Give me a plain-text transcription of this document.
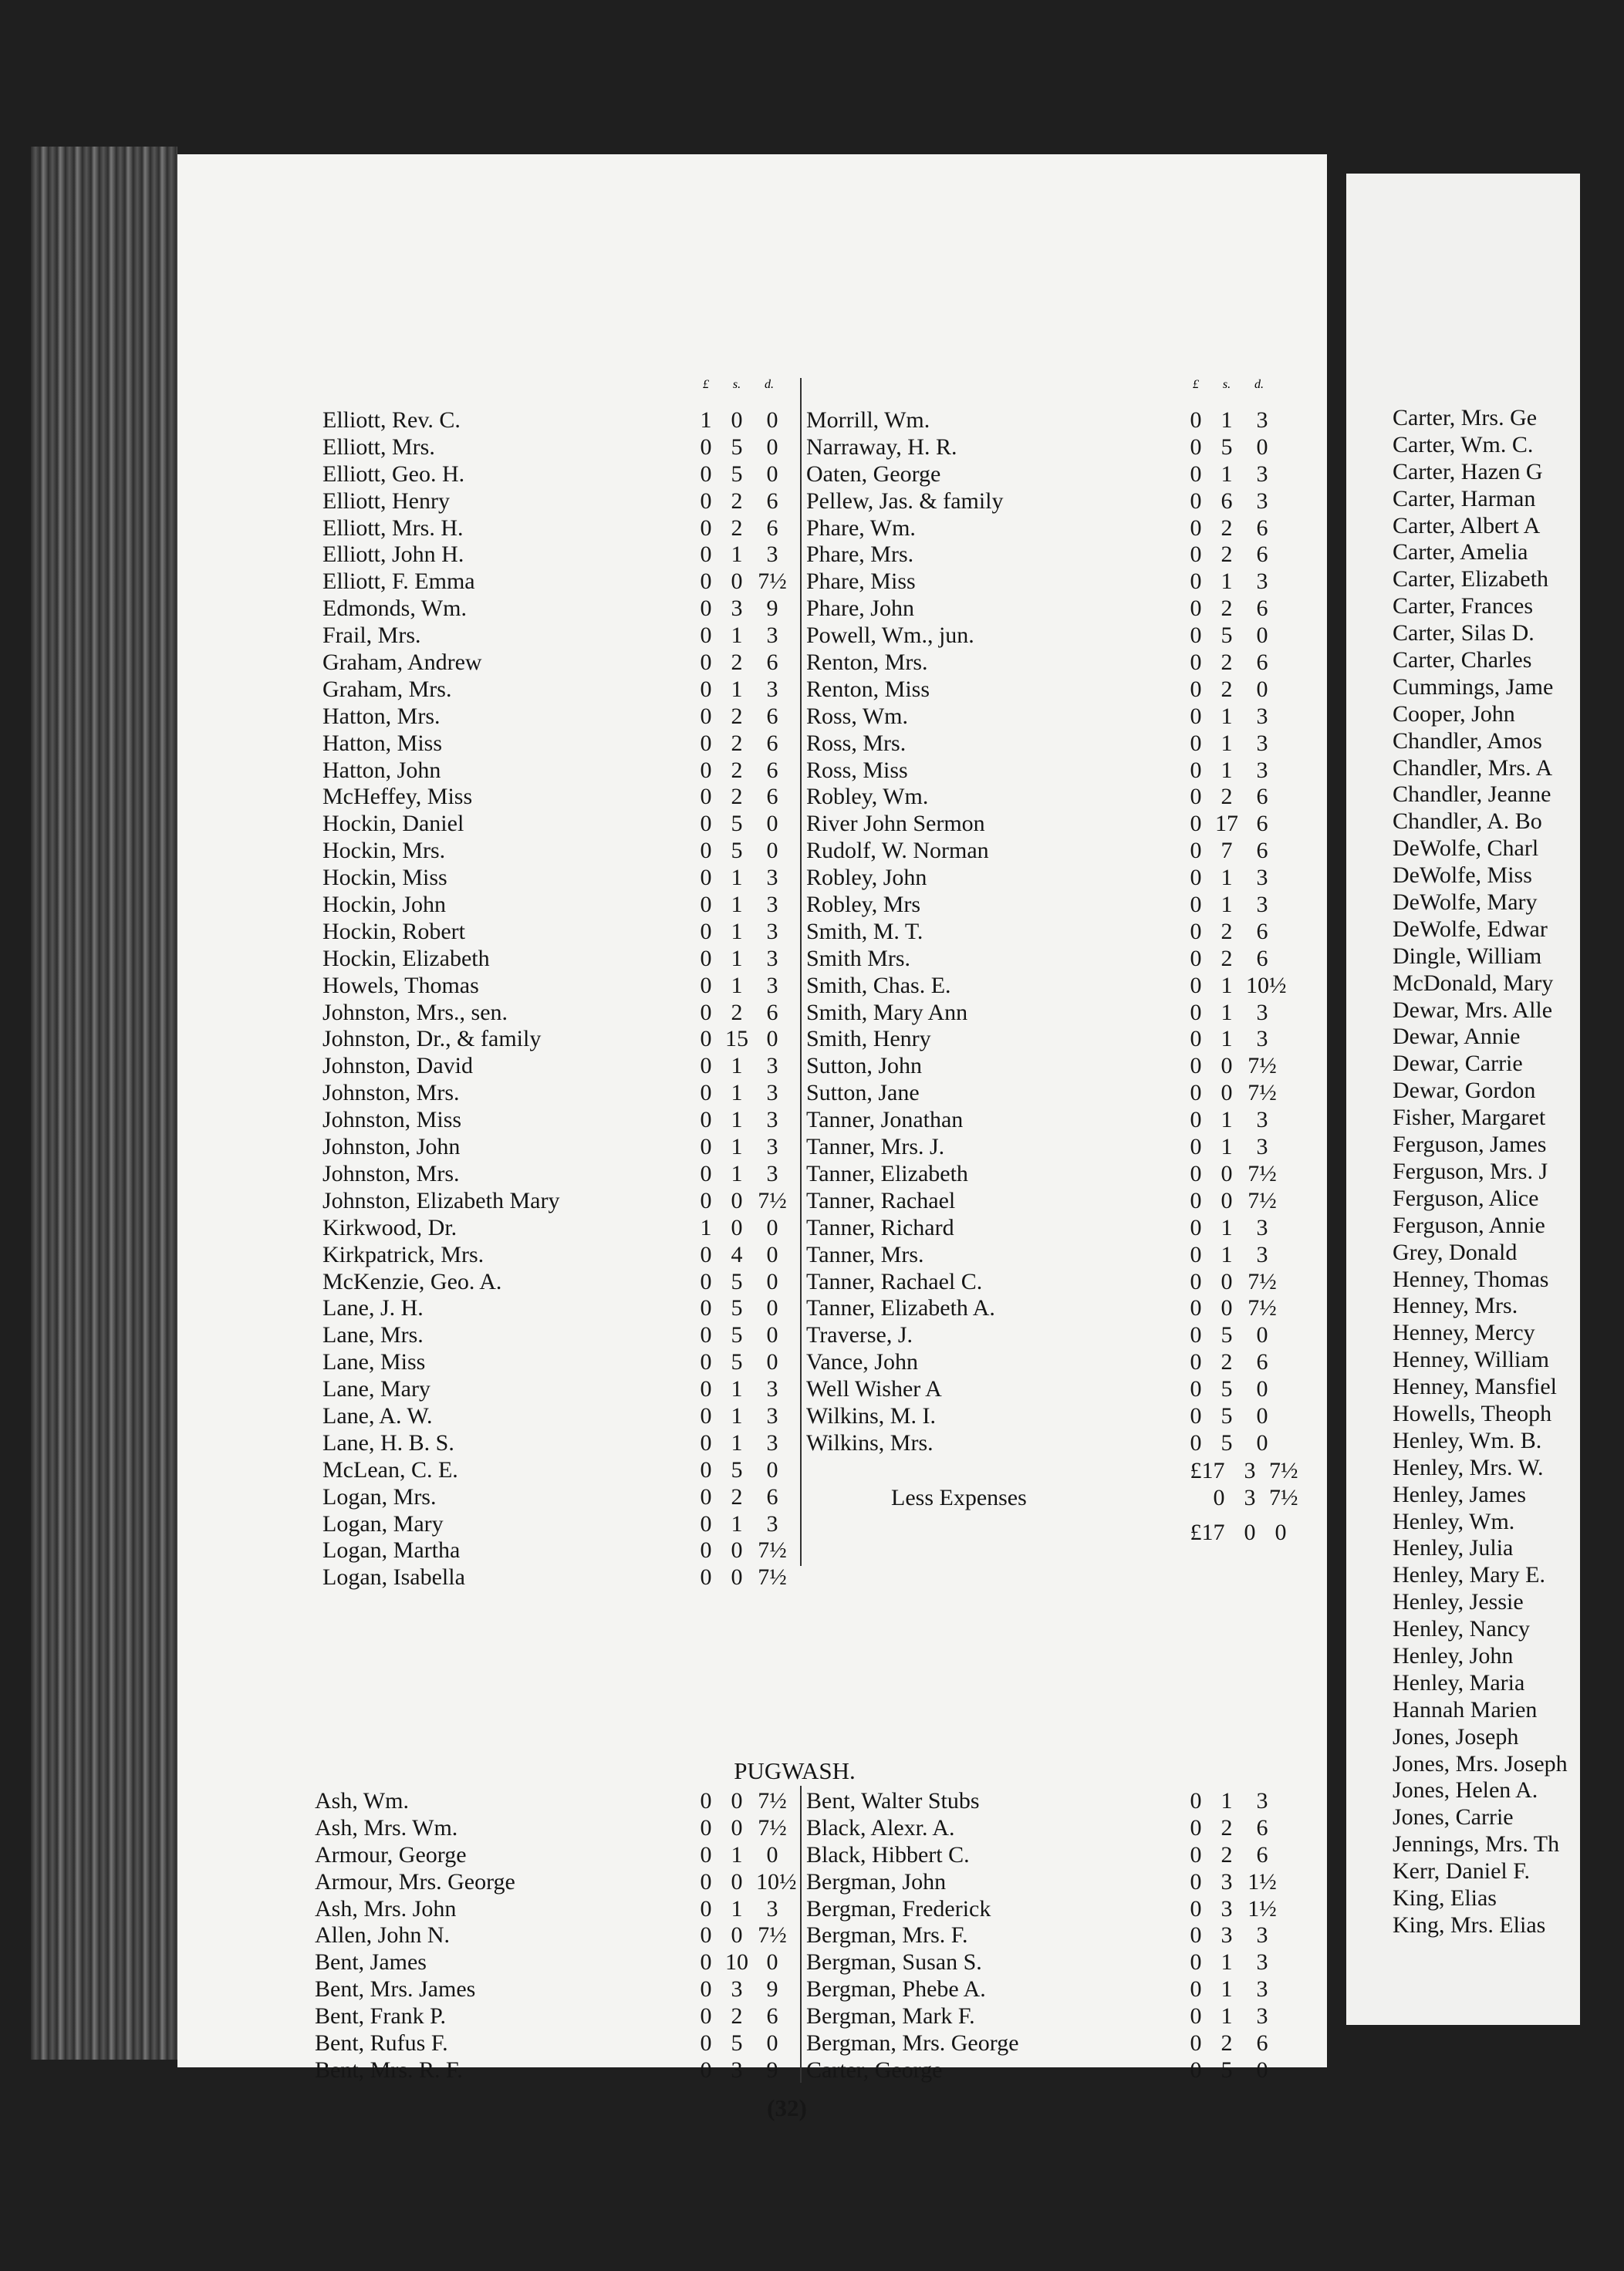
£	s.	d.	£	s.	d.
Elliott, Rev. C.	1 0	0
Elliott, Mrs.	0 5	0
Elliott, Geo. H.	0 5	0
Elliott, Henry	0 2	6
Elliott, Mrs. H.	0 2	6
Elliott, John H.	0 1	3
Elliott, F. Emma	0 0 7½
Edmonds, Wm.	0 3	9
Frail, Mrs.	0 1	3
Graham, Andrew	0 2	6
Graham, Mrs.	0 1	3
Hatton, Mrs.	0 2	6
Hatton, Miss	0 2	6
Hatton, John	0 2	6
McHeffey, Miss	0 2	6
Hockin, Daniel	0 5	0
Hockin, Mrs.	0 5	0
Hockin, Miss	0 1	3
Hockin, John	0 1	3
Hockin, Robert	0 1	3
Hockin, Elizabeth	0 1	3
Howels, Thomas	0 1	3
Johnston, Mrs., sen.	0 2	6
Johnston, Dr., & family	0 15 0
Johnston, David	0 1	3
Johnston, Mrs.	0 1	3
Johnston, Miss	0 1	3
Johnston, John	0 1	3
Johnston, Mrs.	0 1	3
Johnston, Elizabeth Mary	0 0 7½
Kirkwood, Dr.	1 0	0
Kirkpatrick, Mrs.	0 4	0
McKenzie, Geo. A.	0 5	0
Lane, J. H.	0 5	0
Lane, Mrs.	0 5	0
Lane, Miss	0 5	0
Lane, Mary	0 1	3
Lane, A. W.	0 1	3
Lane, H. B. S.	0 1	3
McLean, C. E.	0 5	0
Logan, Mrs.	0 2	6
Logan, Mary	0 1	3
Logan, Martha	0 0 7½
Logan, Isabella	0 0 7½
Morrill, Wm.	0 1	3
Narraway, H. R.	0 5	0
Oaten, George	0 1	3
Pellew, Jas. & family	0 6	3
Phare, Wm.	0 2	6
Phare, Mrs.	0 2	6
Phare, Miss	0 1	3
Phare, John	0 2	6
Powell, Wm., jun.	0 5	0
Renton, Mrs.	0 2	6
Renton, Miss	0 2	0
Ross, Wm.	0 1	3
Ross, Mrs.	0 1	3
Ross, Miss	0 1	3
Robley, Wm.	0 2	6
River John Sermon	0 17 6
Rudolf, W. Norman	0 7	6
Robley, John	0 1	3
Robley, Mrs	0 1	3
Smith, M. T.	0 2	6
Smith Mrs.	0 2	6
Smith, Chas. E.	0 1 10½
Smith, Mary Ann	0 1	3
Smith, Henry	0 1	3
Sutton, John	0 0 7½
Sutton, Jane	0 0 7½
Tanner, Jonathan	0 1	3
Tanner, Mrs. J.	0 1	3
Tanner, Elizabeth	0 0 7½
Tanner, Rachael	0 0 7½
Tanner, Richard	0 1	3
Tanner, Mrs.	0 1	3
Tanner, Rachael C.	0 0 7½
Tanner, Elizabeth A.	0 0 7½
Traverse, J.	0 5	0
Vance, John	0 2	6
Well Wisher A	0 5	0
Wilkins, M. I.	0 5	0
Wilkins, Mrs.	0 5	0
£17 3 7½
Less Expenses	0 3 7½
£17 0 0
PUGWASH.
Ash, Wm.	0 0 7½
Ash, Mrs. Wm.	0 0 7½
Armour, George	0 1	0
Armour, Mrs. George	0 0 10½
Ash, Mrs. John	0 1	3
Allen, John N.	0 0 7½
Bent, James	0 10 0
Bent, Mrs. James	0 3	9
Bent, Frank P.	0 2	6
Bent, Rufus F.	0 5	0
Bent, Mrs. R. F.	0 3	9
Bent, Walter Stubs	0 1	3
Black, Alexr. A.	0 2	6
Black, Hibbert C.	0 2	6
Bergman, John	0 3 1½
Bergman, Frederick	0 3 1½
Bergman, Mrs. F.	0 3	3
Bergman, Susan S.	0 1	3
Bergman, Phebe A.	0 1	3
Bergman, Mark F.	0 1	3
Bergman, Mrs. George	0 2	6
Carter, George	0 5	0
(32)
Carter, Mrs. Ge
Carter, Wm. C.
Carter, Hazen G
Carter, Harman
Carter, Albert A
Carter, Amelia
Carter, Elizabeth
Carter, Frances
Carter, Silas D.
Carter, Charles
Cummings, Jame
Cooper, John
Chandler, Amos
Chandler, Mrs. A
Chandler, Jeanne
Chandler, A. Bo
DeWolfe, Charl
DeWolfe, Miss
DeWolfe, Mary
DeWolfe, Edwar
Dingle, William
McDonald, Mary
Dewar, Mrs. Alle
Dewar, Annie
Dewar, Carrie
Dewar, Gordon
Fisher, Margaret
Ferguson, James
Ferguson, Mrs. J
Ferguson, Alice
Ferguson, Annie
Grey, Donald
Henney, Thomas
Henney, Mrs.
Henney, Mercy
Henney, William
Henney, Mansfiel
Howells, Theoph
Henley, Wm. B.
Henley, Mrs. W.
Henley, James
Henley, Wm.
Henley, Julia
Henley, Mary E.
Henley, Jessie
Henley, Nancy
Henley, John
Henley, Maria
Hannah Marien
Jones, Joseph
Jones, Mrs. Joseph
Jones, Helen A.
Jones, Carrie
Jennings, Mrs. Th
Kerr, Daniel F.
King, Elias
King, Mrs. Elias
